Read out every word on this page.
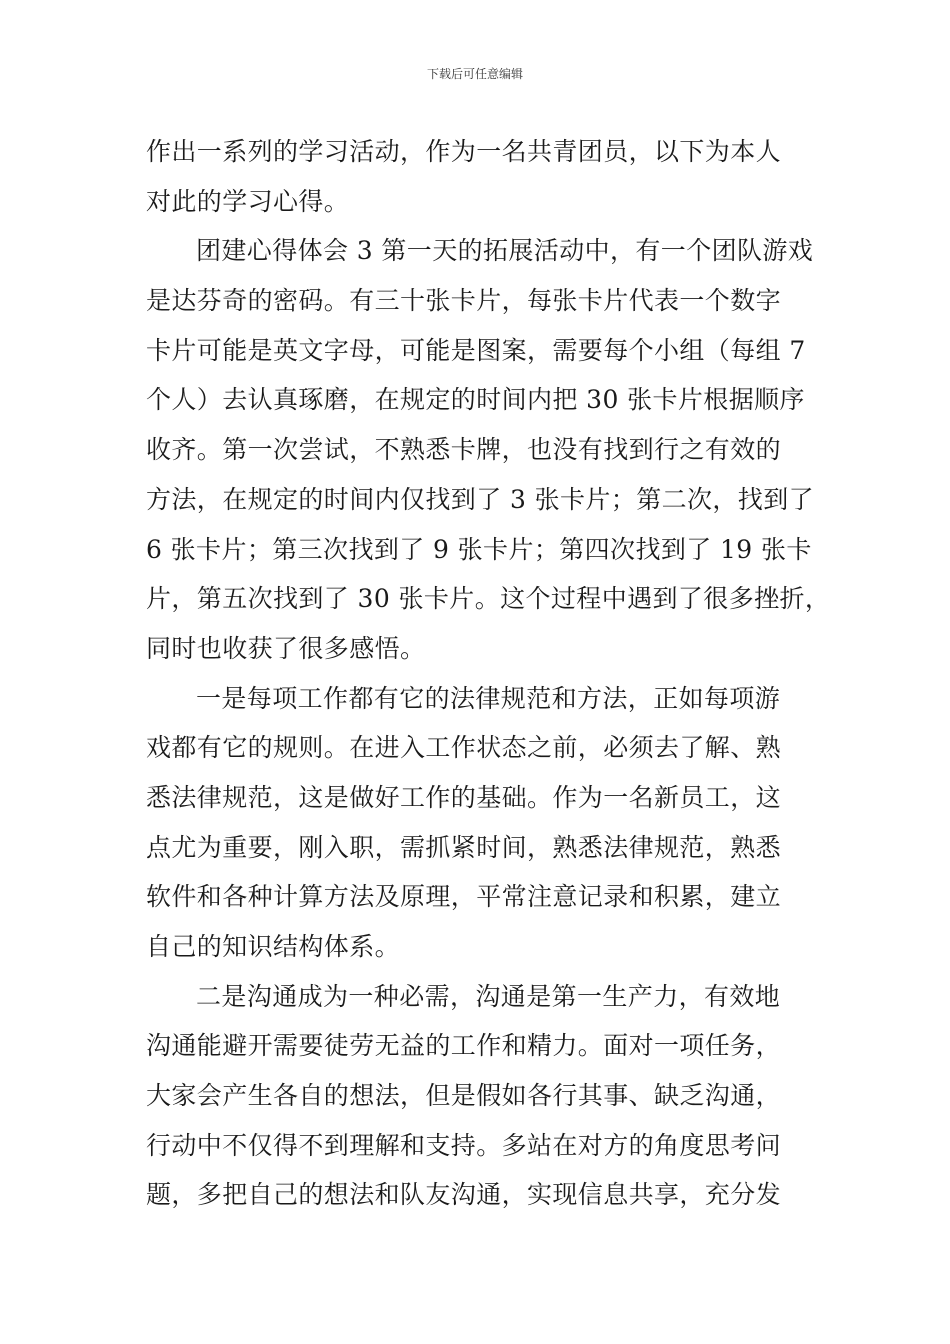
下载后可任意编辑
作出一系列的学习活动，作为一名共青团员，以下为本人
对此的学习心得。
团建心得体会 3 第一天的拓展活动中，有一个团队游戏
是达芬奇的密码。有三十张卡片，每张卡片代表一个数字
卡片可能是英文字母，可能是图案，需要每个小组（每组 7
个人）去认真琢磨，在规定的时间内把 30 张卡片根据顺序
收齐。第一次尝试，不熟悉卡牌，也没有找到行之有效的
方法，在规定的时间内仅找到了 3 张卡片；第二次，找到了
6 张卡片；第三次找到了 9 张卡片；第四次找到了 19 张卡
片，第五次找到了 30 张卡片。这个过程中遇到了很多挫折，
同时也收获了很多感悟。
一是每项工作都有它的法律规范和方法，正如每项游
戏都有它的规则。在进入工作状态之前，必须去了解、熟
悉法律规范，这是做好工作的基础。作为一名新员工，这
点尤为重要，刚入职，需抓紧时间，熟悉法律规范，熟悉
软件和各种计算方法及原理，平常注意记录和积累，建立
自己的知识结构体系。
二是沟通成为一种必需，沟通是第一生产力，有效地
沟通能避开需要徒劳无益的工作和精力。面对一项任务，
大家会产生各自的想法，但是假如各行其事、缺乏沟通，
行动中不仅得不到理解和支持。多站在对方的角度思考问
题，多把自己的想法和队友沟通，实现信息共享，充分发
